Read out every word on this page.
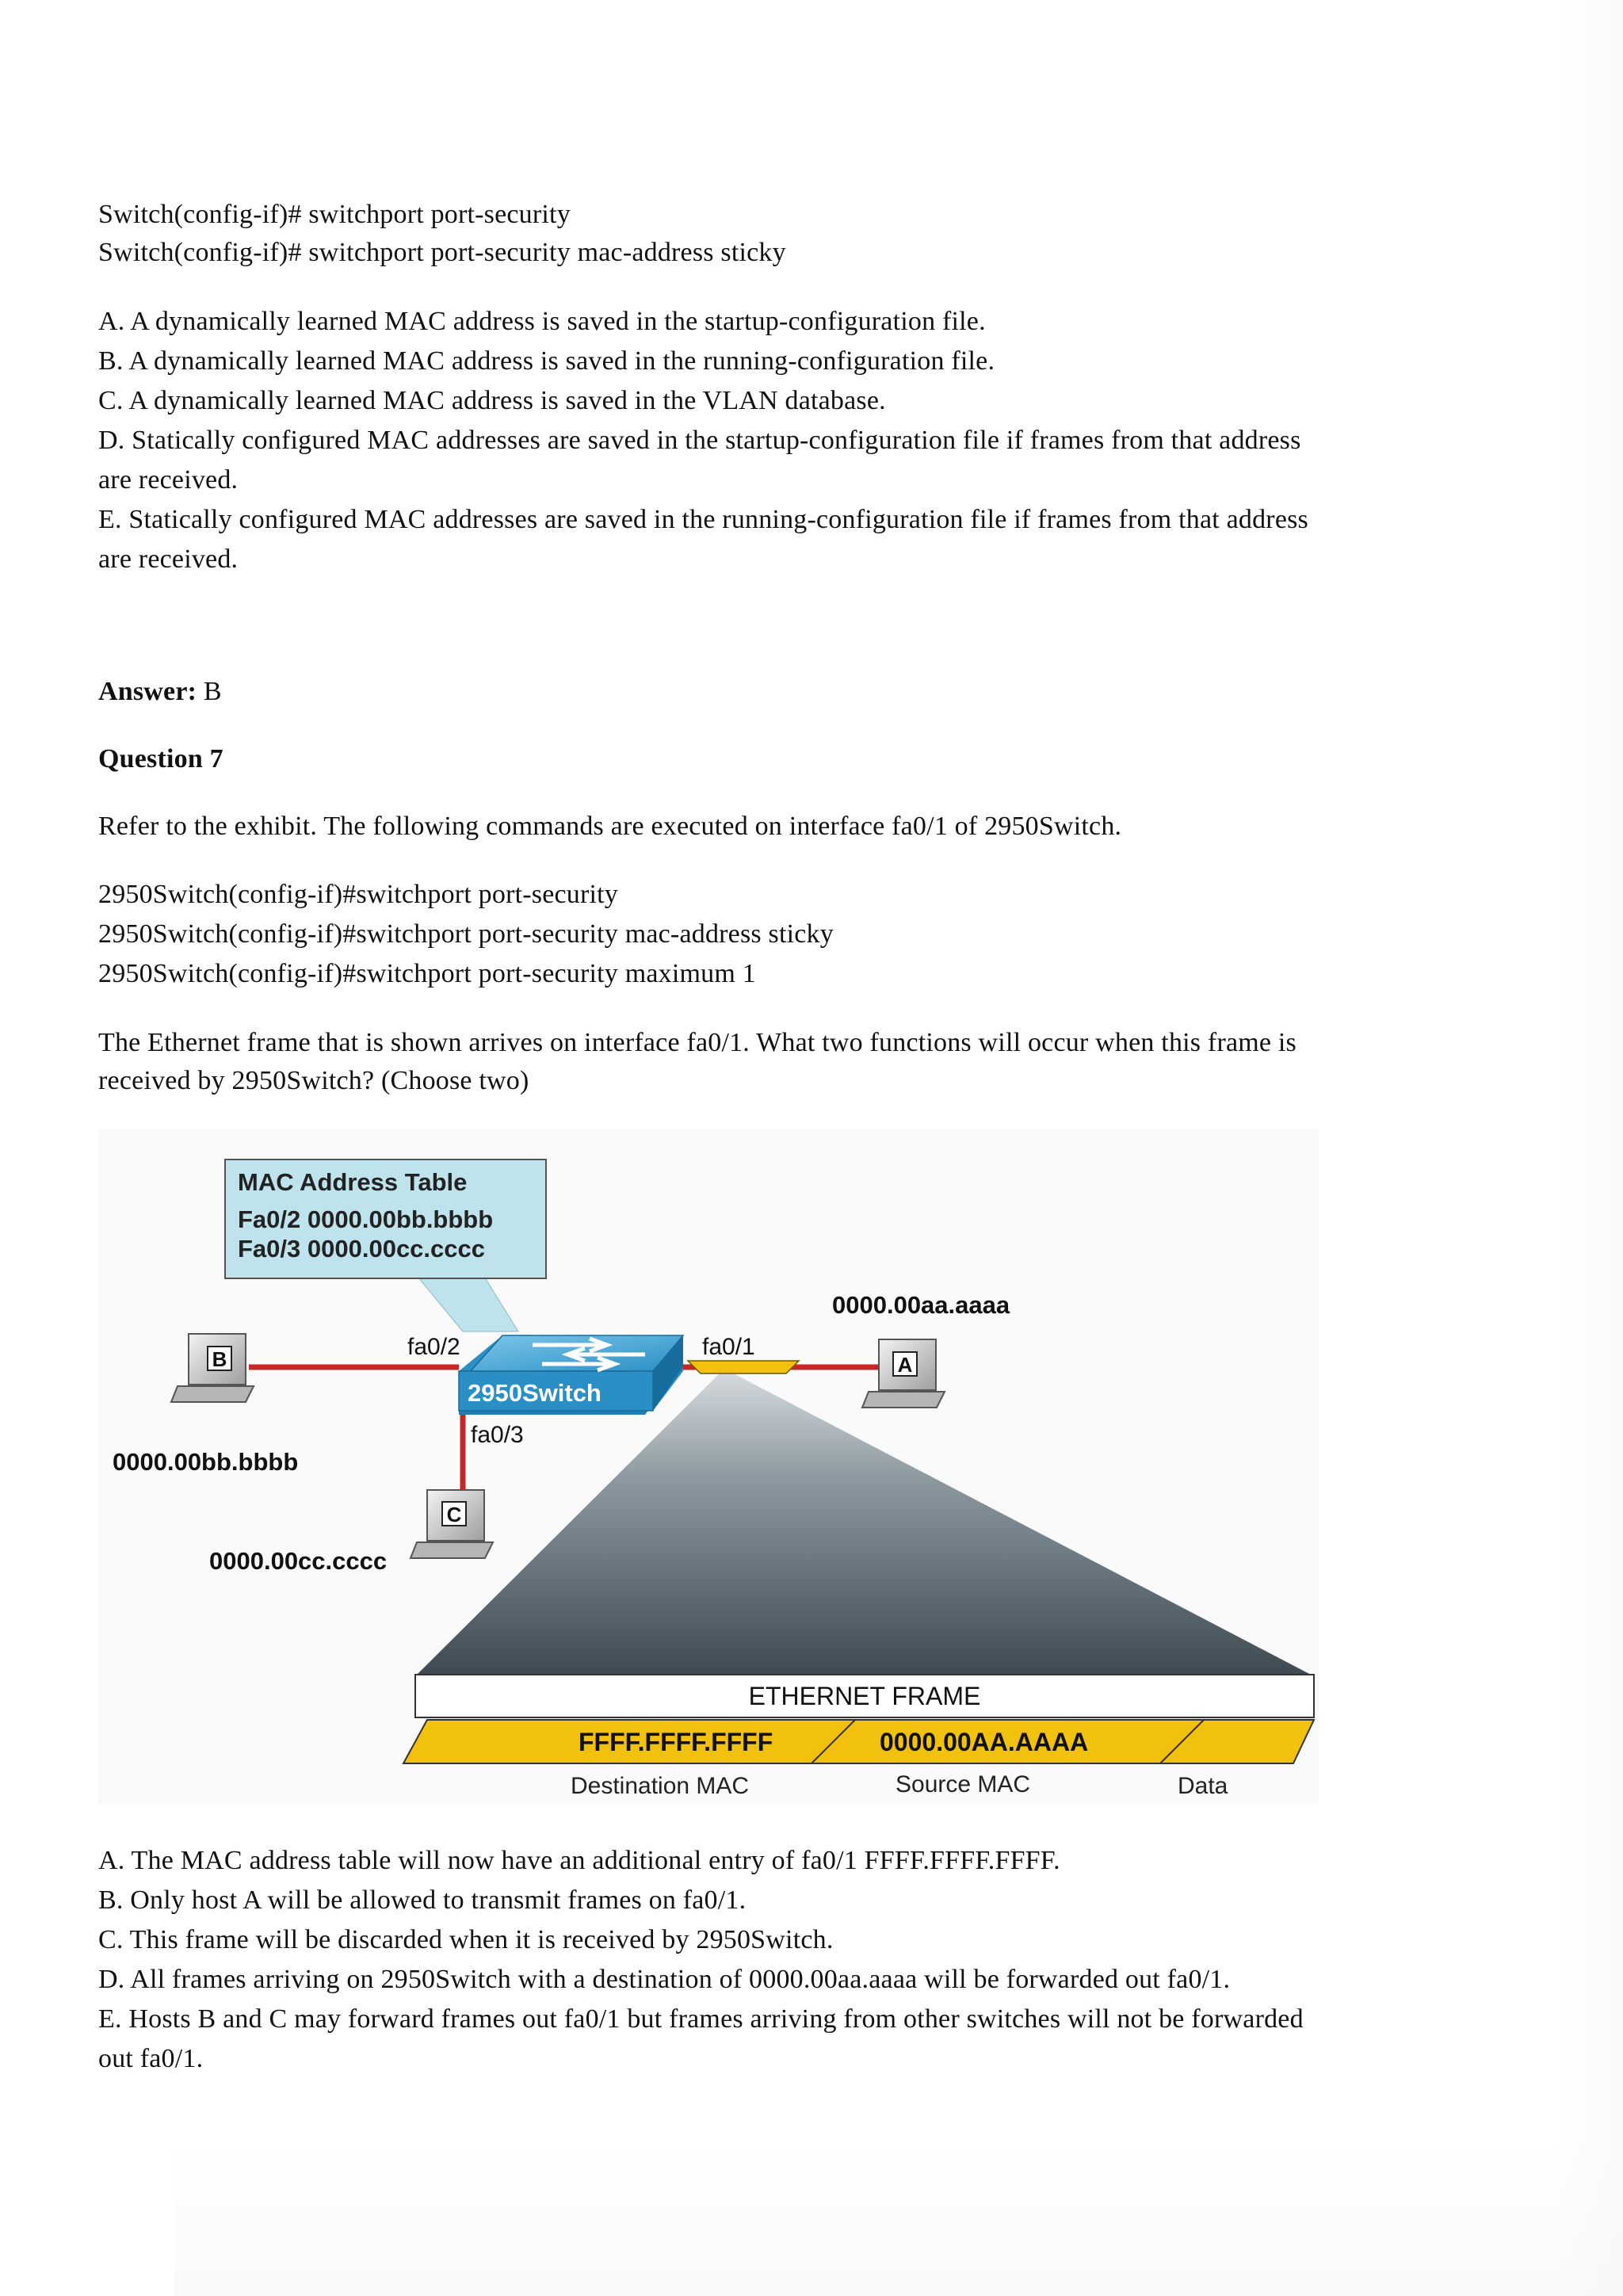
Switch(config-if)# switchport port-security
Switch(config-if)# switchport port-security mac-address sticky
A. A dynamically learned MAC address is saved in the startup-configuration file.
B. A dynamically learned MAC address is saved in the running-configuration file.
C. A dynamically learned MAC address is saved in the VLAN database.
D. Statically configured MAC addresses are saved in the startup-configuration file if frames from that address
are received.
E. Statically configured MAC addresses are saved in the running-configuration file if frames from that address
are received.
Answer: B
Question 7
Refer to the exhibit. The following commands are executed on interface fa0/1 of 2950Switch.
2950Switch(config-if)#switchport port-security
2950Switch(config-if)#switchport port-security mac-address sticky
2950Switch(config-if)#switchport port-security maximum 1
The Ethernet frame that is shown arrives on interface fa0/1. What two functions will occur when this frame is
received by 2950Switch? (Choose two)
MAC Address Table
Fa0/2 0000.00bb.bbbb
Fa0/3 0000.00cc.cccc
2950Switch
fa0/2	fa0/1
fa0/3
B
0000.00bb.bbbb
A
0000.00aa.aaaa
C
0000.00cc.cccc
ETHERNET FRAME
FFFF.FFFF.FFFF	0000.00AA.AAAA
Destination MAC	Source MAC	Data
A. The MAC address table will now have an additional entry of fa0/1 FFFF.FFFF.FFFF.
B. Only host A will be allowed to transmit frames on fa0/1.
C. This frame will be discarded when it is received by 2950Switch.
D. All frames arriving on 2950Switch with a destination of 0000.00aa.aaaa will be forwarded out fa0/1.
E. Hosts B and C may forward frames out fa0/1 but frames arriving from other switches will not be forwarded
out fa0/1.
